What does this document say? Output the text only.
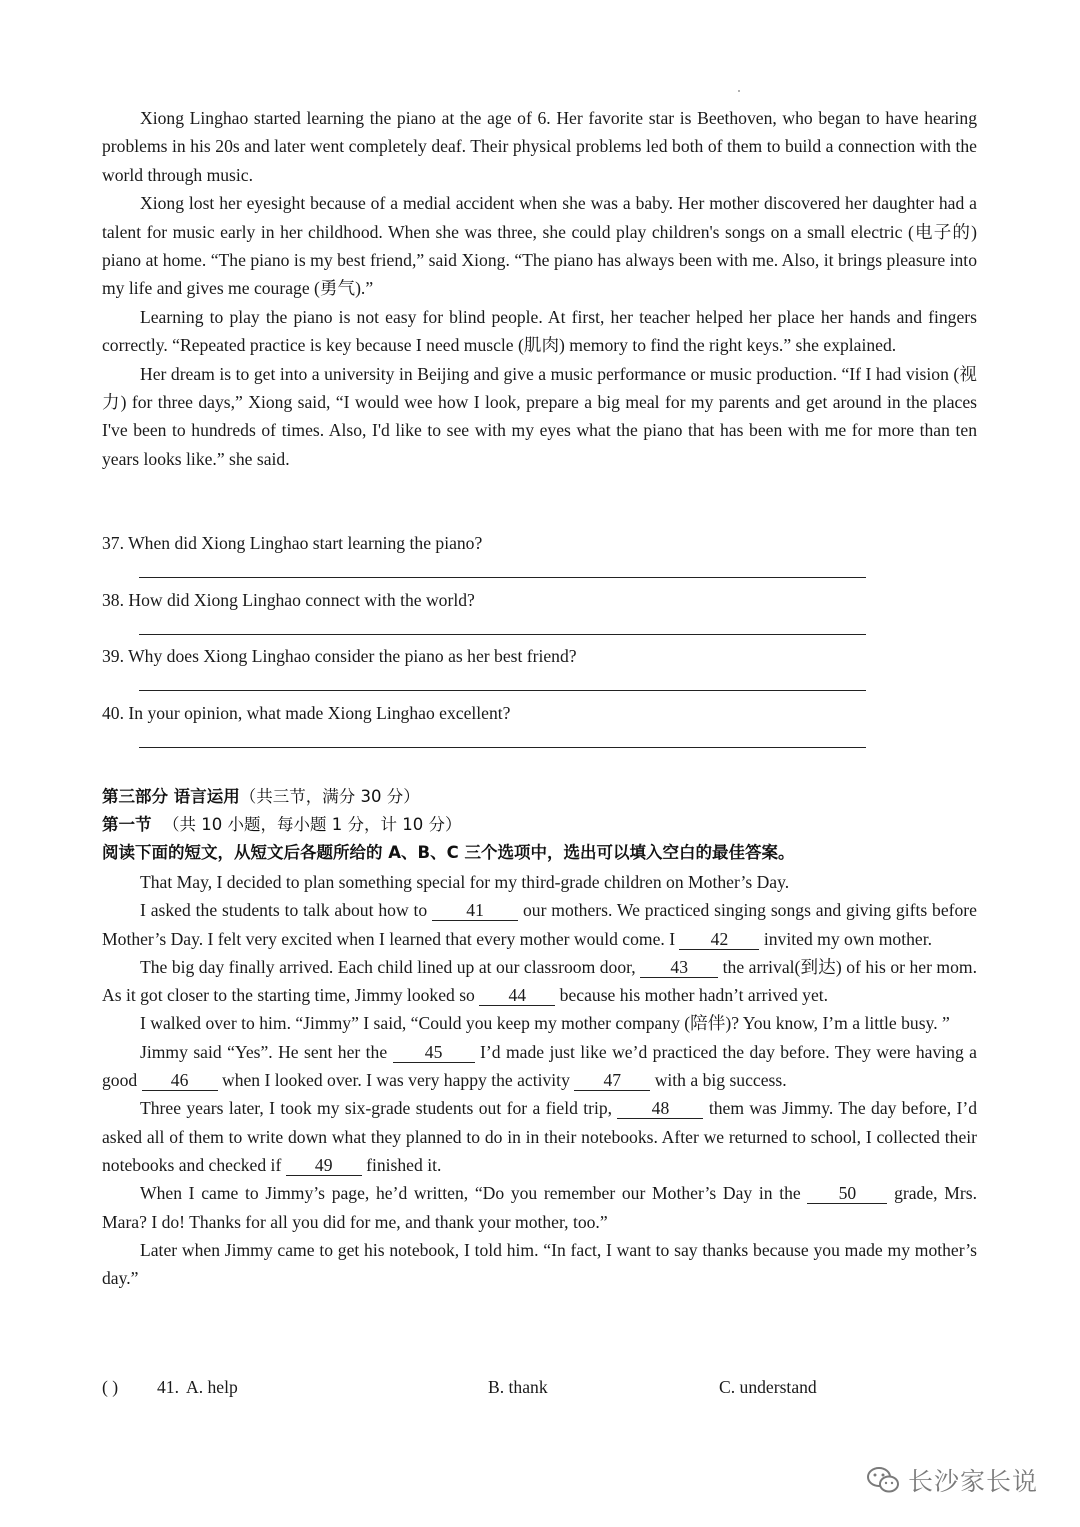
Xiong Linghao started learning the piano at the age of 6. Her favorite star is Beethoven, who began to have hearing problems in his 20s and later went completely deaf. Their physical problems led both of them to build a connection with the world through music.

Xiong lost her eyesight because of a medial accident when she was a baby. Her mother discovered her daughter had a talent for music early in her childhood. When she was three, she could play children's songs on a small electric (电子的) piano at home. “The piano is my best friend,” said Xiong. “The piano has always been with me. Also, it brings pleasure into my life and gives me courage (勇气).”

Learning to play the piano is not easy for blind people. At first, her teacher helped her place her hands and fingers correctly. “Repeated practice is key because I need muscle (肌肉) memory to find the right keys.” she explained.

Her dream is to get into a university in Beijing and give a music performance or music production. “If I had vision (视力) for three days,” Xiong said, “I would wee how I look, prepare a big meal for my parents and get around in the places I've been to hundreds of times. Also, I'd like to see with my eyes what the piano that has been with me for more than ten years looks like.” she said.

37. When did Xiong Linghao start learning the piano?
38. How did Xiong Linghao connect with the world?
39. Why does Xiong Linghao consider the piano as her best friend?
40. In your opinion, what made Xiong Linghao excellent?
第三部分 语言运用（共三节，满分 30 分）
第一节 （共 10 小题，每小题 1 分，计 10 分）
阅读下面的短文，从短文后各题所给的 A、B、C 三个选项中，选出可以填入空白的最佳答案。

That May, I decided to plan something special for my third-grade children on Mother’s Day.

I asked the students to talk about how to 41 our mothers. We practiced singing songs and giving gifts before Mother’s Day. I felt very excited when I learned that every mother would come. I 42 invited my own mother.

The big day finally arrived. Each child lined up at our classroom door, 43 the arrival(到达) of his or her mom. As it got closer to the starting time, Jimmy looked so 44 because his mother hadn’t arrived yet.

I walked over to him. “Jimmy” I said, “Could you keep my mother company (陪伴)? You know, I’m a little busy. ”

Jimmy said “Yes”. He sent her the 45 I’d made just like we’d practiced the day before. They were having a good 46 when I looked over. I was very happy the activity 47 with a big success.

Three years later, I took my six-grade students out for a field trip, 48 them was Jimmy. The day before, I’d asked all of them to write down what they planned to do in in their notebooks. After we returned to school, I collected their notebooks and checked if 49 finished it.

When I came to Jimmy’s page, he’d written, “Do you remember our Mother’s Day in the 50 grade, Mrs. Mara? I do! Thanks for all you did for me, and thank your mother, too.”

Later when Jimmy came to get his notebook, I told him. “In fact, I want to say thanks because you made my mother’s day.”

( ) 41. A. help	B. thank	C. understand
长沙家长说
